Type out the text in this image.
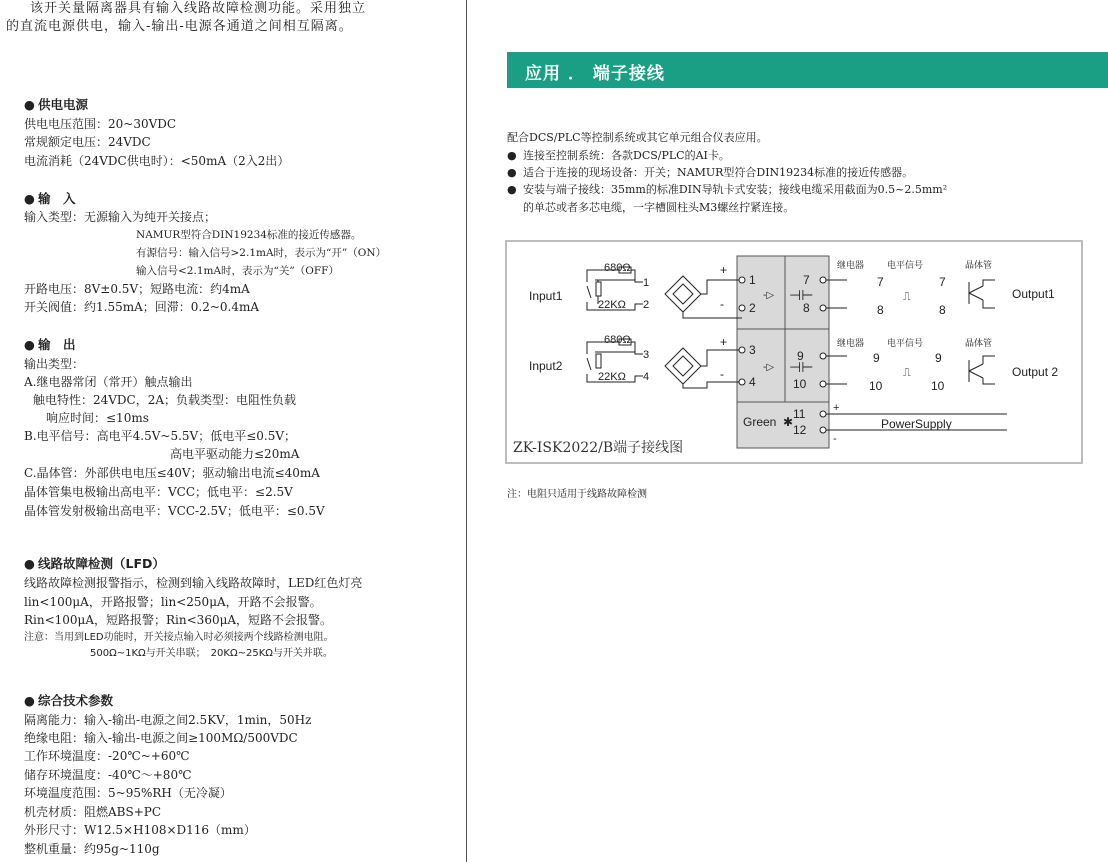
该开关量隔离器具有输入线路故障检测功能。采用独立
的直流电源供电，输入-输出-电源各通道之间相互隔离。
● 供电电源
供电电压范围：20~30VDC
常规额定电压：24VDC
电流消耗（24VDC供电时）：<50mA（2入2出）
● 输　入
输入类型：无源输入为纯开关接点；
NAMUR型符合DIN19234标准的接近传感器。
有源信号：输入信号>2.1mA时，表示为“开”（ON）
输入信号<2.1mA时，表示为“关”（OFF）
开路电压：8V±0.5V；短路电流：约4mA
开关阀值：约1.55mA；回滞：0.2~0.4mA
● 输　出
输出类型：
A.继电器常闭（常开）触点输出
触电特性：24VDC，2A；负载类型：电阻性负载
响应时间：≤10ms
B.电平信号：高电平4.5V~5.5V；低电平≤0.5V；
高电平驱动能力≤20mA
C.晶体管：外部供电电压≤40V；驱动输出电流≤40mA
晶体管集电极输出高电平：VCC；低电平：≤2.5V
晶体管发射极输出高电平：VCC-2.5V；低电平：≤0.5V
● 线路故障检测（LFD）
线路故障检测报警指示，检测到输入线路故障时，LED红色灯亮
lin<100μA，开路报警；lin<250μA，开路不会报警。
Rin<100μA，短路报警；Rin<360μA，短路不会报警。
注意：当用到LED功能时，开关接点输入时必须接两个线路检测电阻。
500Ω~1KΩ与开关串联；　20KΩ~25KΩ与开关并联。
● 综合技术参数
隔离能力：输入-输出-电源之间2.5KV，1min，50Hz
绝缘电阻：输入-输出-电源之间≥100MΩ/500VDC
工作环境温度：-20℃~+60℃
储存环境温度：-40℃～+80℃
环境温度范围：5~95%RH（无冷凝）
机壳材质：阻燃ABS+PC
外形尺寸：W12.5×H108×D116（mm）
整机重量：约95g~110g
应用 ． 端子接线
配合DCS/PLC等控制系统或其它单元组合仪表应用。
● 连接至控制系统：各款DCS/PLC的AI卡。
● 适合于连接的现场设备：开关；NAMUR型符合DIN19234标准的接近传感器。
● 安装与端子接线：35mm的标准DIN导轨卡式安装；接线电缆采用截面为0.5~2.5mm²
的单芯或者多芯电缆，一字槽圆柱头M3螺丝拧紧连接。
Input1
680Ω
22KΩ
1
2
Input2
680Ω
22KΩ
3
4
+
-
+
-
1
2
3
4
-▷
-▷
7
8
9
10
11
12
⊣⊢
⊣⊢
+
-
PowerSupply
Green ✱
继电器	电平信号	晶体管
继电器	电平信号	晶体管
7
8
7
8
⎍	Output1
9
10
9
10
⎍	Output 2
ZK-ISK2022/B端子接线图
注：电阻只适用于线路故障检测
